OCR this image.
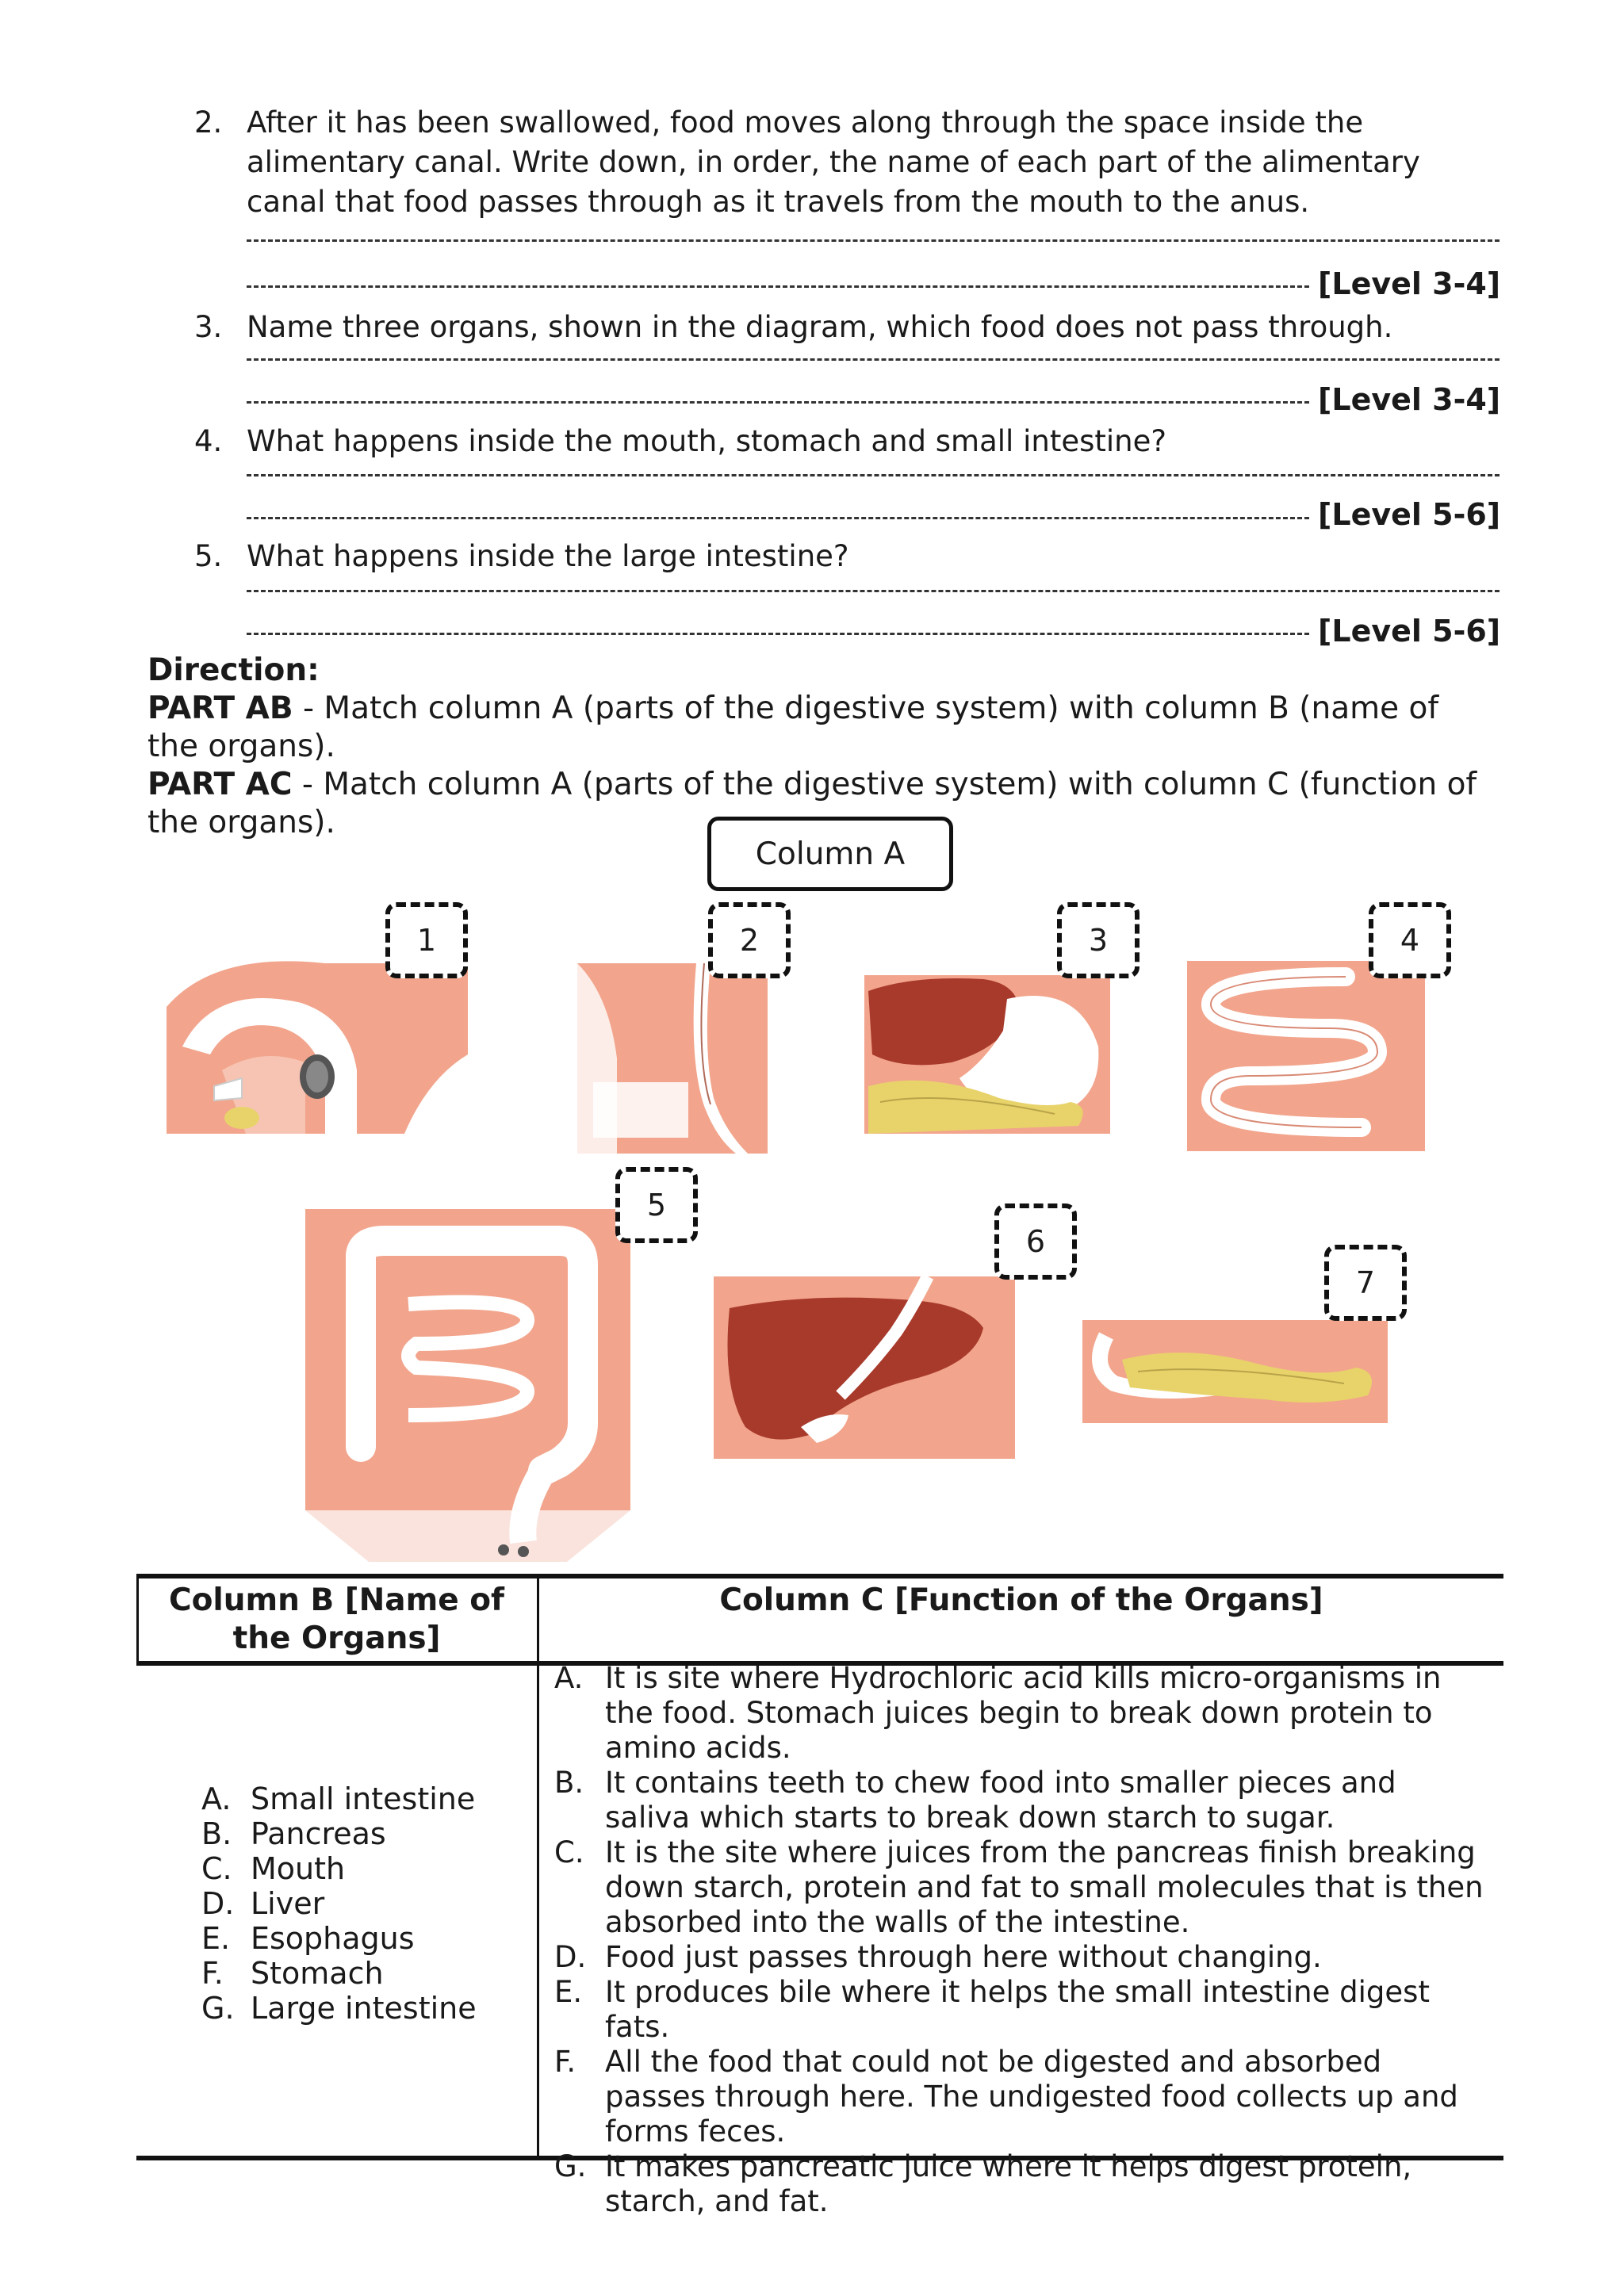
2. After it has been swallowed, food moves along through the space inside the alimentary canal. Write down, in order, the name of each part of the alimentary canal that food passes through as it travels from the mouth to the anus.
[Level 3-4]
3. Name three organs, shown in the diagram, which food does not pass through.
[Level 3-4]
4. What happens inside the mouth, stomach and small intestine?
[Level 5-6]
5. What happens inside the large intestine?
[Level 5-6]
Direction:
PART AB - Match column A (parts of the digestive system) with column B (name of the organs).
PART AC - Match column A (parts of the digestive system) with column C (function of the organs).
Column A
1	2	3	4
5
6
7
Column B [Name of the Organs]
Column C [Function of the Organs]
A. Small intestine
B. Pancreas
C. Mouth
D. Liver
E. Esophagus
F. Stomach
G. Large intestine
A. It is site where Hydrochloric acid kills micro-organisms in the food. Stomach juices begin to break down protein to amino acids.
B. It contains teeth to chew food into smaller pieces and saliva which starts to break down starch to sugar.
C. It is the site where juices from the pancreas finish breaking down starch, protein and fat to small molecules that is then absorbed into the walls of the intestine.
D. Food just passes through here without changing.
E. It produces bile where it helps the small intestine digest fats.
F. All the food that could not be digested and absorbed passes through here. The undigested food collects up and forms feces.
G. It makes pancreatic juice where it helps digest protein, starch, and fat.
